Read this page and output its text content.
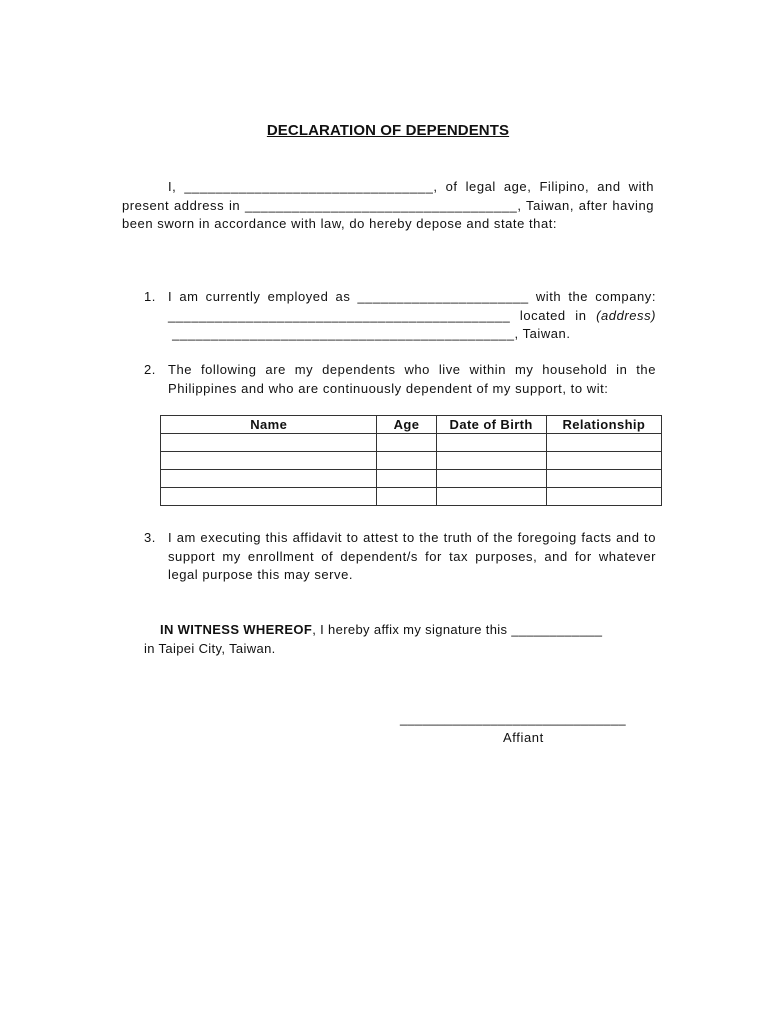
DECLARATION OF DEPENDENTS
I, ________________________________, of legal age, Filipino, and with present address in ___________________________________, Taiwan, after having been sworn in accordance with law, do hereby depose and state that:
1. I am currently employed as ______________________ with the company: ____________________________________________ located in (address) ____________________________________________, Taiwan.
2. The following are my dependents who live within my household in the Philippines and who are continuously dependent of my support, to wit:
Name	Age	Date of Birth	Relationship

3. I am executing this affidavit to attest to the truth of the foregoing facts and to support my enrollment of dependent/s for tax purposes, and for whatever legal purpose this may serve.
IN WITNESS WHEREOF, I hereby affix my signature this ____________
in Taipei City, Taiwan.
______________________________
Affiant
